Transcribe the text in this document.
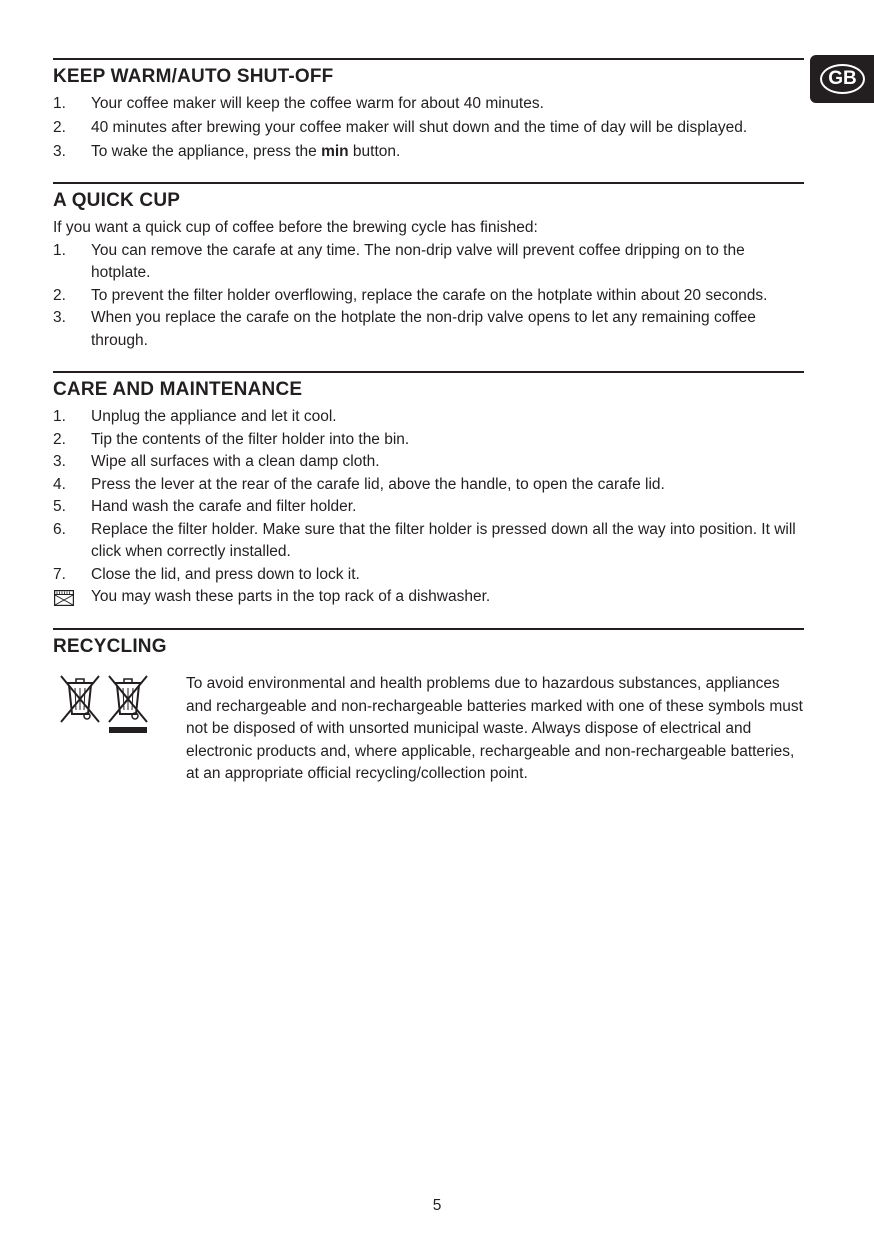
GB
KEEP WARM/AUTO SHUT-OFF
1. Your coffee maker will keep the coffee warm for about 40 minutes.
2. 40 minutes after brewing your coffee maker will shut down and the time of day will be displayed.
3. To wake the appliance, press the min button.
A QUICK CUP
If you want a quick cup of coffee before the brewing cycle has finished:
1. You can remove the carafe at any time. The non-drip valve will prevent coffee dripping on to the hotplate.
2. To prevent the filter holder overflowing, replace the carafe on the hotplate within about 20 seconds.
3. When you replace the carafe on the hotplate the non-drip valve opens to let any remaining coffee through.
CARE AND MAINTENANCE
1. Unplug the appliance and let it cool.
2. Tip the contents of the filter holder into the bin.
3. Wipe all surfaces with a clean damp cloth.
4. Press the lever at the rear of the carafe lid, above the handle, to open the carafe lid.
5. Hand wash the carafe and filter holder.
6. Replace the filter holder. Make sure that the filter holder is pressed down all the way into position. It will click when correctly installed.
7. Close the lid, and press down to lock it.
You may wash these parts in the top rack of a dishwasher.
RECYCLING
To avoid environmental and health problems due to hazardous substances, appliances and rechargeable and non-rechargeable batteries marked with one of these symbols must not be disposed of with unsorted municipal waste. Always dispose of electrical and electronic products and, where applicable, rechargeable and non-rechargeable batteries, at an appropriate official recycling/collection point.
5
